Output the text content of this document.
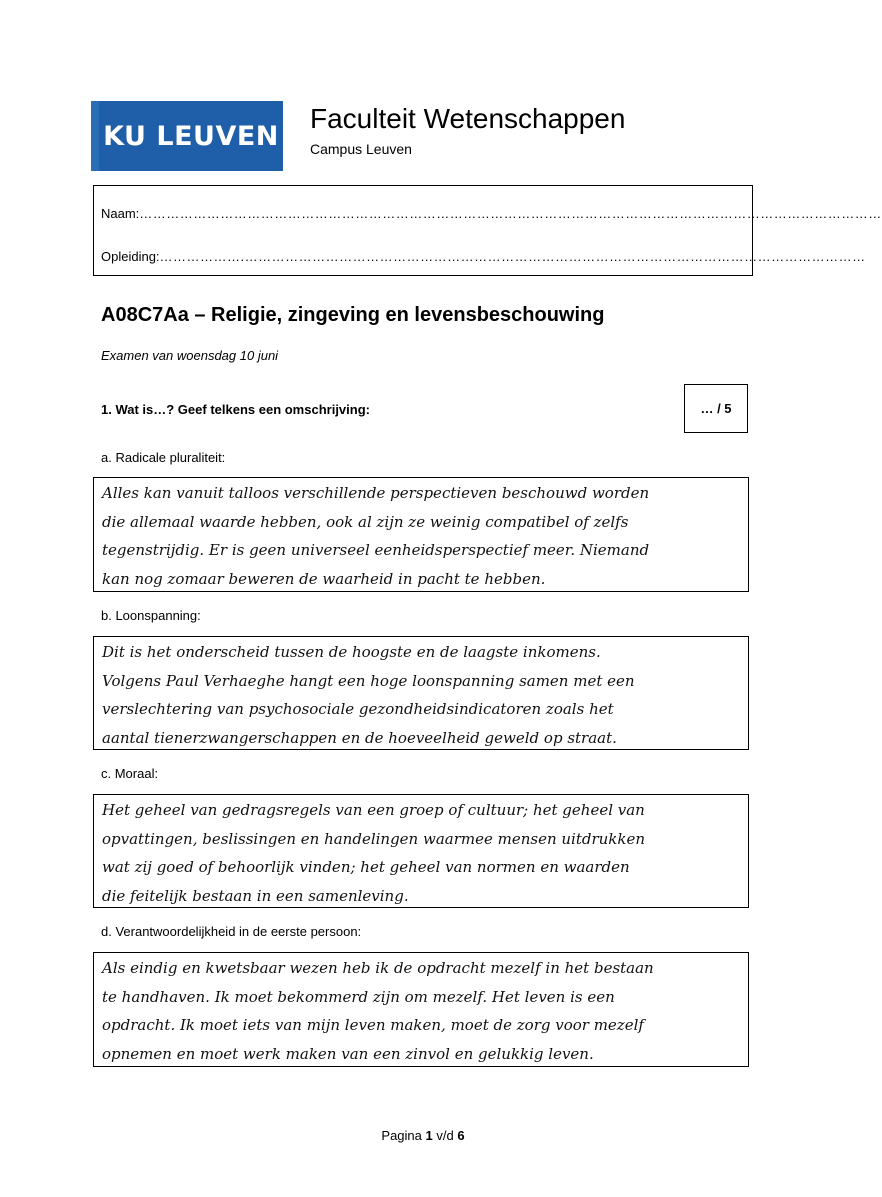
KU LEUVEN
Faculteit Wetenschappen
Campus Leuven
Naam: …………………………………………………………………………………………………………………………………………………
Opleiding: ……………….…………………………………………………………………………………………………………………………
A08C7Aa – Religie, zingeving en levensbeschouwing
Examen van woensdag 10 juni
1. Wat is…? Geef telkens een omschrijving:	… / 5
a. Radicale pluraliteit:
Alles kan vanuit talloos verschillende perspectieven beschouwd worden
die allemaal waarde hebben, ook al zijn ze weinig compatibel of zelfs
tegenstrijdig. Er is geen universeel eenheidsperspectief meer. Niemand
kan nog zomaar beweren de waarheid in pacht te hebben.
b. Loonspanning:
Dit is het onderscheid tussen de hoogste en de laagste inkomens.
Volgens Paul Verhaeghe hangt een hoge loonspanning samen met een
verslechtering van psychosociale gezondheidsindicatoren zoals het
aantal tienerzwangerschappen en de hoeveelheid geweld op straat.
c. Moraal:
Het geheel van gedragsregels van een groep of cultuur; het geheel van
opvattingen, beslissingen en handelingen waarmee mensen uitdrukken
wat zij goed of behoorlijk vinden; het geheel van normen en waarden
die feitelijk bestaan in een samenleving.
d. Verantwoordelijkheid in de eerste persoon:
Als eindig en kwetsbaar wezen heb ik de opdracht mezelf in het bestaan
te handhaven. Ik moet bekommerd zijn om mezelf. Het leven is een
opdracht. Ik moet iets van mijn leven maken, moet de zorg voor mezelf
opnemen en moet werk maken van een zinvol en gelukkig leven.
Pagina 1 v/d 6
